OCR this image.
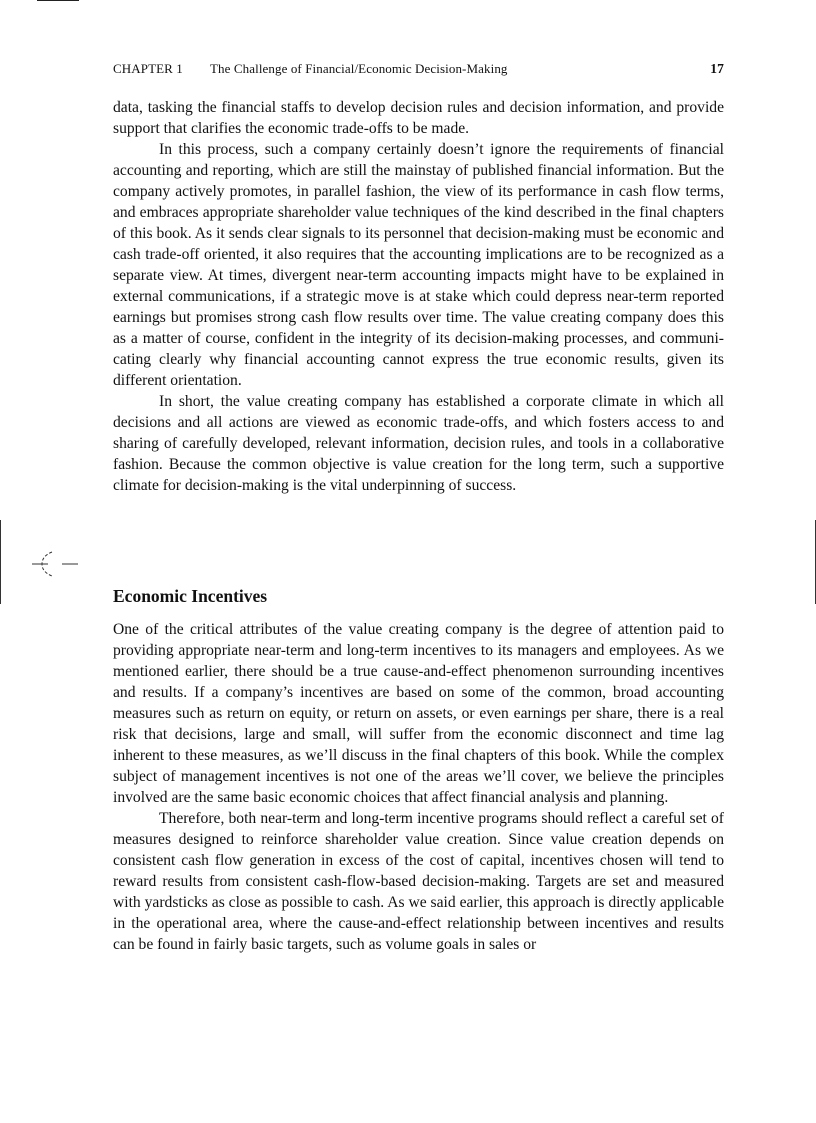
CHAPTER 1 The Challenge of Financial/Economic Decision-Making	17

data, tasking the financial staffs to develop decision rules and decision information, and provide support that clarifies the economic trade-offs to be made.

In this process, such a company certainly doesn’t ignore the requirements of financial accounting and reporting, which are still the mainstay of published financial information. But the company actively promotes, in parallel fashion, the view of its performance in cash flow terms, and embraces appropriate shareholder value techniques of the kind described in the final chapters of this book. As it sends clear signals to its personnel that decision-making must be economic and cash trade-off oriented, it also requires that the accounting implications are to be recognized as a separate view. At times, divergent near-term accounting impacts might have to be explained in external communications, if a strategic move is at stake which could depress near-term reported earnings but promises strong cash flow results over time. The value creating company does this as a matter of course, confident in the integrity of its decision-making processes, and communicating clearly why financial accounting cannot express the true economic results, given its different orientation.

In short, the value creating company has established a corporate climate in which all decisions and all actions are viewed as economic trade-offs, and which fosters access to and sharing of carefully developed, relevant information, decision rules, and tools in a collaborative fashion. Because the common objective is value creation for the long term, such a supportive climate for decision-making is the vital underpinning of success.

Economic Incentives

One of the critical attributes of the value creating company is the degree of attention paid to providing appropriate near-term and long-term incentives to its managers and employees. As we mentioned earlier, there should be a true cause-and-effect phenomenon surrounding incentives and results. If a company’s incentives are based on some of the common, broad accounting measures such as return on equity, or return on assets, or even earnings per share, there is a real risk that decisions, large and small, will suffer from the economic disconnect and time lag inherent to these measures, as we’ll discuss in the final chapters of this book. While the complex subject of management incentives is not one of the areas we’ll cover, we believe the principles involved are the same basic economic choices that affect financial analysis and planning.

Therefore, both near-term and long-term incentive programs should reflect a careful set of measures designed to reinforce shareholder value creation. Since value creation depends on consistent cash flow generation in excess of the cost of capital, incentives chosen will tend to reward results from consistent cash-flow-based decision-making. Targets are set and measured with yardsticks as close as possible to cash. As we said earlier, this approach is directly applicable in the operational area, where the cause-and-effect relationship between incentives and results can be found in fairly basic targets, such as volume goals in sales or
